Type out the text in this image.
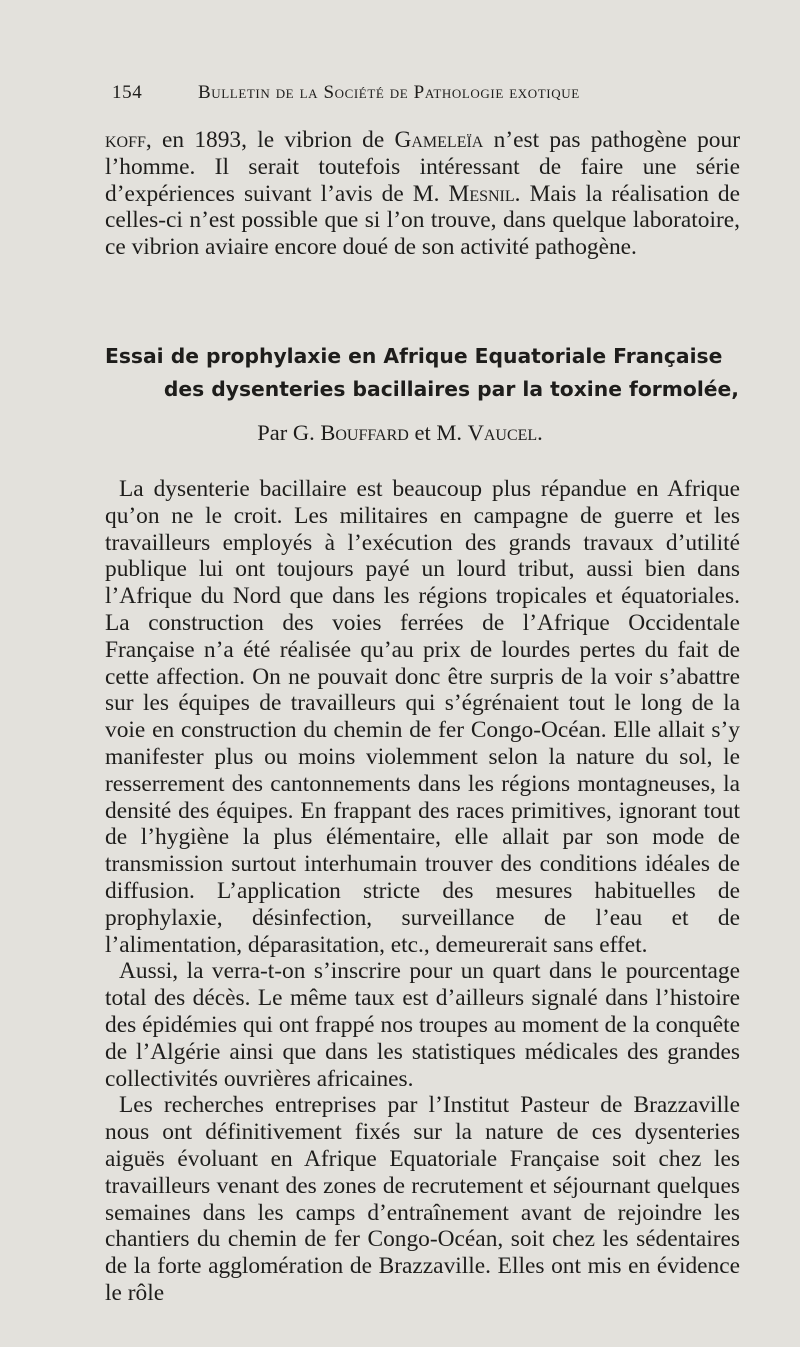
154	Bulletin de la Société de Pathologie exotique

koff, en 1893, le vibrion de Gameleïa n’est pas pathogène pour l’homme. Il serait toutefois intéressant de faire une série d’expériences suivant l’avis de M. Mesnil. Mais la réalisation de celles-ci n’est possible que si l’on trouve, dans quelque laboratoire, ce vibrion aviaire encore doué de son activité pathogène.

Essai de prophylaxie en Afrique Equatoriale Française
des dysenteries bacillaires par la toxine formolée,
Par G. Bouffard et M. Vaucel.

La dysenterie bacillaire est beaucoup plus répandue en Afrique qu’on ne le croit. Les militaires en campagne de guerre et les travailleurs employés à l’exécution des grands travaux d’utilité publique lui ont toujours payé un lourd tribut, aussi bien dans l’Afrique du Nord que dans les régions tropicales et équatoriales. La construction des voies ferrées de l’Afrique Occidentale Française n’a été réalisée qu’au prix de lourdes pertes du fait de cette affection. On ne pouvait donc être surpris de la voir s’abattre sur les équipes de travailleurs qui s’égrénaient tout le long de la voie en construction du chemin de fer Congo-Océan. Elle allait s’y manifester plus ou moins violemment selon la nature du sol, le resserrement des cantonnements dans les régions montagneuses, la densité des équipes. En frappant des races primitives, ignorant tout de l’hygiène la plus élémentaire, elle allait par son mode de transmission surtout interhumain trouver des conditions idéales de diffusion. L’application stricte des mesures habituelles de prophylaxie, désinfection, surveillance de l’eau et de l’alimentation, déparasitation, etc., demeurerait sans effet.

Aussi, la verra-t-on s’inscrire pour un quart dans le pourcentage total des décès. Le même taux est d’ailleurs signalé dans l’histoire des épidémies qui ont frappé nos troupes au moment de la conquête de l’Algérie ainsi que dans les statistiques médicales des grandes collectivités ouvrières africaines.

Les recherches entreprises par l’Institut Pasteur de Brazzaville nous ont définitivement fixés sur la nature de ces dysenteries aiguës évoluant en Afrique Equatoriale Française soit chez les travailleurs venant des zones de recrutement et séjournant quelques semaines dans les camps d’entraînement avant de rejoindre les chantiers du chemin de fer Congo-Océan, soit chez les sédentaires de la forte agglomération de Brazzaville. Elles ont mis en évidence le rôle
